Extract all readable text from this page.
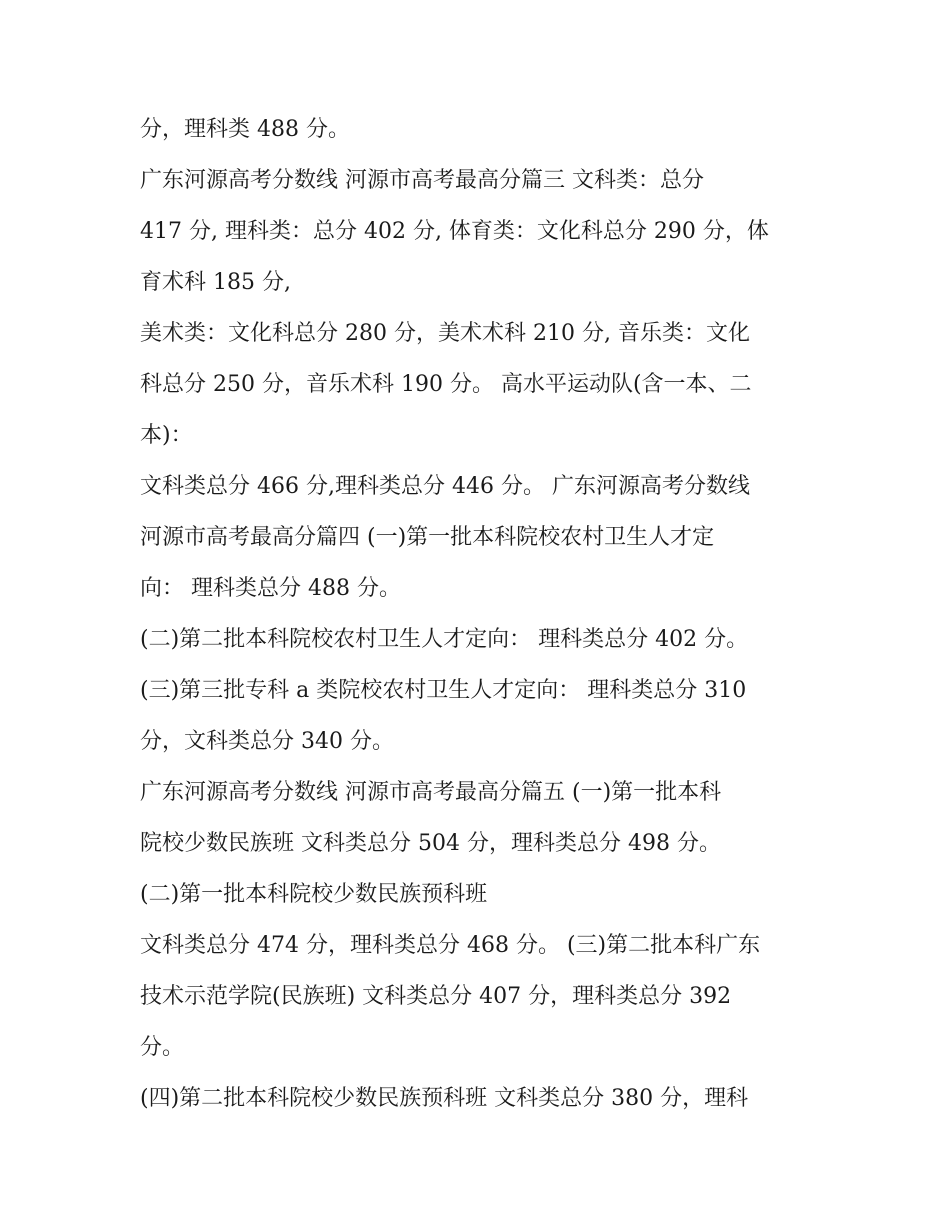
分，理科类 488 分。

广东河源高考分数线 河源市高考最高分篇三 文科类：总分

417 分, 理科类：总分 402 分, 体育类：文化科总分 290 分，体

育术科 185 分,

美术类：文化科总分 280 分，美术术科 210 分, 音乐类：文化

科总分 250 分，音乐术科 190 分。 高水平运动队(含一本、二

本)：

文科类总分 466 分,理科类总分 446 分。 广东河源高考分数线

河源市高考最高分篇四 (一)第一批本科院校农村卫生人才定

向： 理科类总分 488 分。

(二)第二批本科院校农村卫生人才定向： 理科类总分 402 分。

(三)第三批专科 a 类院校农村卫生人才定向： 理科类总分 310

分，文科类总分 340 分。

广东河源高考分数线 河源市高考最高分篇五 (一)第一批本科

院校少数民族班 文科类总分 504 分，理科类总分 498 分。

(二)第一批本科院校少数民族预科班

文科类总分 474 分，理科类总分 468 分。 (三)第二批本科广东

技术示范学院(民族班) 文科类总分 407 分，理科类总分 392

分。

(四)第二批本科院校少数民族预科班 文科类总分 380 分，理科
